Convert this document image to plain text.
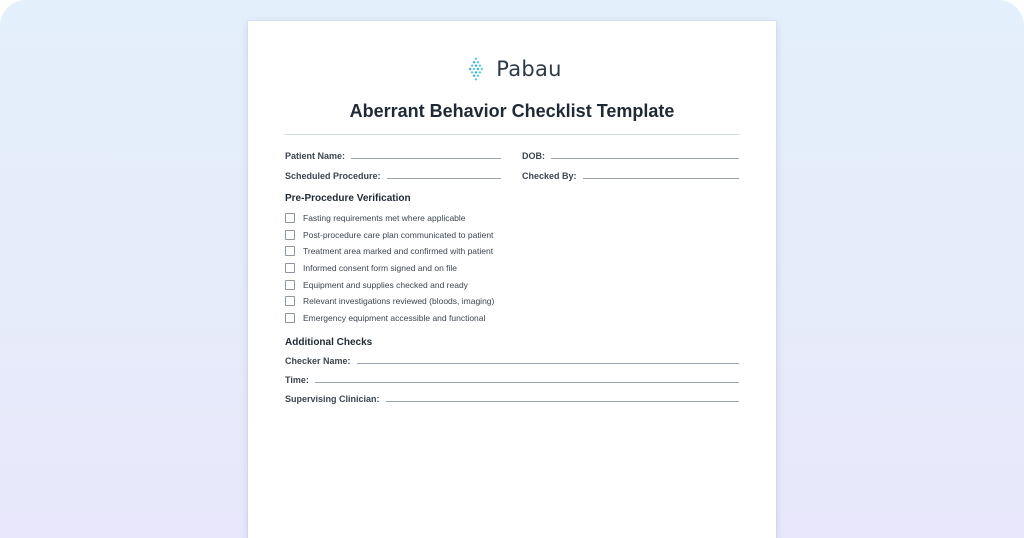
Pabau
Aberrant Behavior Checklist Template
Patient Name:	DOB:
Scheduled Procedure:	Checked By:
Pre-Procedure Verification
Fasting requirements met where applicable
Post-procedure care plan communicated to patient
Treatment area marked and confirmed with patient
Informed consent form signed and on file
Equipment and supplies checked and ready
Relevant investigations reviewed (bloods, imaging)
Emergency equipment accessible and functional
Additional Checks
Checker Name:
Time:
Supervising Clinician:
